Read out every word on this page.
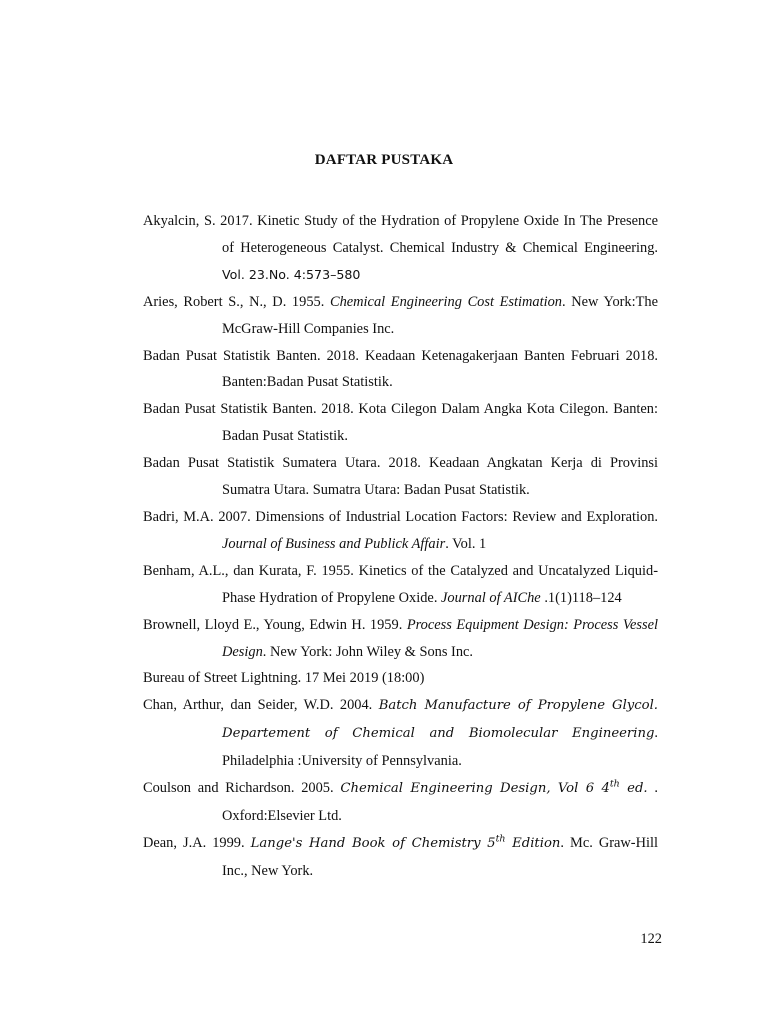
DAFTAR PUSTAKA
Akyalcin, S. 2017. Kinetic Study of the Hydration of Propylene Oxide In The Presence of Heterogeneous Catalyst. Chemical Industry & Chemical Engineering. Vol. 23.No. 4:573–580
Aries, Robert S., N., D. 1955. Chemical Engineering Cost Estimation. New York:The McGraw-Hill Companies Inc.
Badan Pusat Statistik Banten. 2018. Keadaan Ketenagakerjaan Banten Februari 2018. Banten:Badan Pusat Statistik.
Badan Pusat Statistik Banten. 2018. Kota Cilegon Dalam Angka Kota Cilegon. Banten: Badan Pusat Statistik.
Badan Pusat Statistik Sumatera Utara. 2018. Keadaan Angkatan Kerja di Provinsi Sumatra Utara. Sumatra Utara: Badan Pusat Statistik.
Badri, M.A. 2007. Dimensions of Industrial Location Factors: Review and Exploration. Journal of Business and Publick Affair. Vol. 1
Benham, A.L., dan Kurata, F. 1955. Kinetics of the Catalyzed and Uncatalyzed Liquid-Phase Hydration of Propylene Oxide. Journal of AIChe .1(1)118–124
Brownell, Lloyd E., Young, Edwin H. 1959. Process Equipment Design: Process Vessel Design. New York: John Wiley & Sons Inc.
Bureau of Street Lightning. 17 Mei 2019 (18:00)
Chan, Arthur, dan Seider, W.D. 2004. Batch Manufacture of Propylene Glycol. Departement of Chemical and Biomolecular Engineering. Philadelphia :University of Pennsylvania.
Coulson and Richardson. 2005. Chemical Engineering Design, Vol 6 4th ed. . Oxford:Elsevier Ltd.
Dean, J.A. 1999. Lange's Hand Book of Chemistry 5th Edition. Mc. Graw-Hill Inc., New York.
122
